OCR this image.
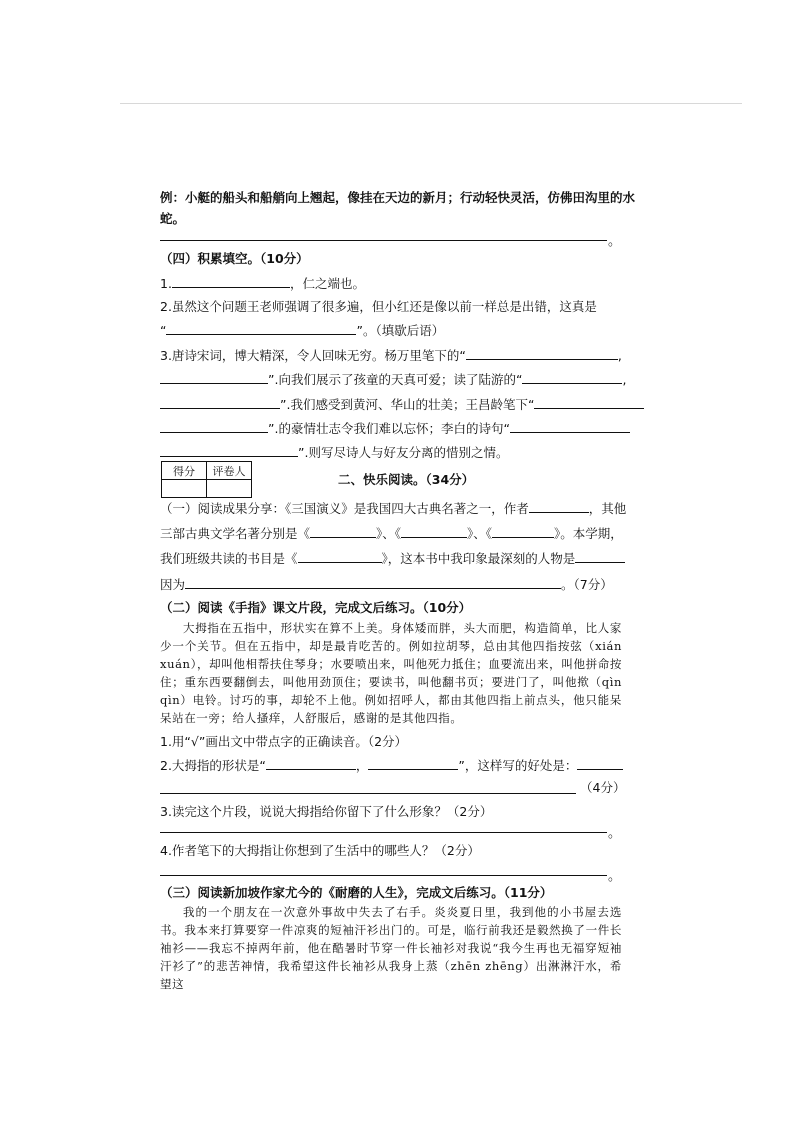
例：小艇的船头和船艄向上翘起，像挂在天边的新月；行动轻快灵活，仿佛田沟里的水
蛇。
。
（四）积累填空。（10分）
1.	，仁之端也。
2.虽然这个问题王老师强调了很多遍，但小红还是像以前一样总是出错，这真是
“	”。（填歇后语）
3.唐诗宋词，博大精深，令人回味无穷。杨万里笔下的“	,
”.向我们展示了孩童的天真可爱；读了陆游的“	,
”.我们感受到黄河、华山的壮美；王昌龄笔下“
”.的豪情壮志令我们难以忘怀；李白的诗句“
”.则写尽诗人与好友分离的惜别之情。
得分	评卷人

二、快乐阅读。（34分）
（一）阅读成果分享：《三国演义》是我国四大古典名著之一，作者	，其他
三部古典文学名著分别是《	》、《	》、《	》。本学期，
我们班级共读的书目是《	》，这本书中我印象最深刻的人物是
因为	。（7分）
（二）阅读《手指》课文片段，完成文后练习。（10分）

大拇指在五指中，形状实在算不上美。身体矮而胖，头大而肥，构造简单，比人家少一个关节。但在五指中，却是最肯吃苦的。例如拉胡琴，总由其他四指按弦（xián xuán），却叫他相帮扶住琴身；水要喷出来，叫他死力抵住；血要流出来，叫他拼命按住；重东西要翻倒去，叫他用劲顶住；要读书，叫他翻书页；要进门了，叫他揿（qìn qìn）电铃。讨巧的事，却轮不上他。例如招呼人，都由其他四指上前点头，他只能呆呆站在一旁；给人搔痒，人舒服后，感谢的是其他四指。

1.用“√”画出文中带点字的正确读音。（2分）
2.大拇指的形状是“	，	”，这样写的好处是：
（4分）
3.读完这个片段，说说大拇指给你留下了什么形象？（2分）
。
4.作者笔下的大拇指让你想到了生活中的哪些人？（2分）
。
（三）阅读新加坡作家尤今的《耐磨的人生》，完成文后练习。（11分）

我的一个朋友在一次意外事故中失去了右手。炎炎夏日里，我到他的小书屋去选书。我本来打算要穿一件凉爽的短袖汗衫出门的。可是，临行前我还是毅然换了一件长袖衫——我忘不掉两年前，他在酷暑时节穿一件长袖衫对我说“我今生再也无福穿短袖汗衫了”的悲苦神情，我希望这件长袖衫从我身上蒸（zhēn zhēng）出淋淋汗水，希望这
